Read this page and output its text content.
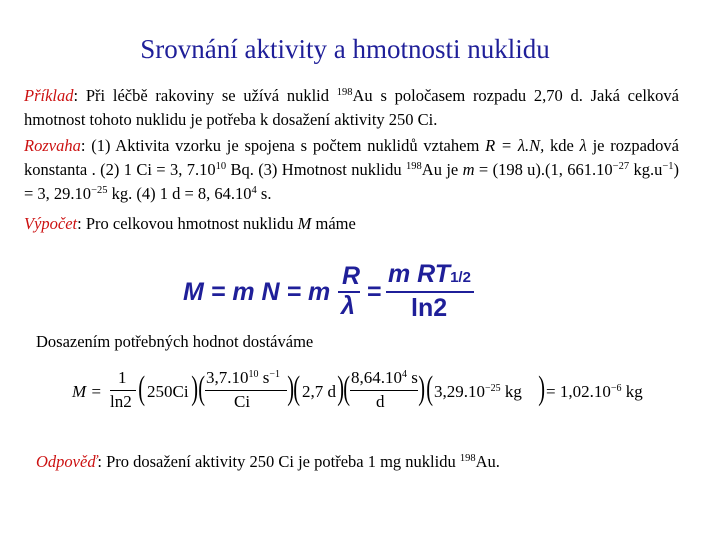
Srovnání aktivity a hmotnosti nuklidu
Příklad: Při léčbě rakoviny se užívá nuklid $^{198}$Au s poločasem rozpadu 2,70 d. Jaká celková hmotnost tohoto nuklidu je potřeba k dosažení aktivity 250 Ci.
Rozvaha: (1) Aktivita vzorku je spojena s počtem nuklidů vztahem R = λ.N, kde λ je rozpadová konstanta . (2) 1 Ci = 3, 7.10$^{10}$ Bq. (3) Hmotnost nuklidu $^{198}$Au je m = (198 u).(1, $661.10^{-27}$ $kg.u^{-1}) = 3$, $29.10^{-25}$ kg. (4) 1 d = 8, 64.10$^4$ s.
Výpočet: Pro celkovou hmotnost nuklidu M máme
M = m N = m
R
λ =
m RT1/2
ln2
Dosazením potřebných hodnot dostáváme
M =
1
ln2 ( 250Ci ) ( 3,7.10$^{10}$ $s^{-1}$
Ci ) ( 2,7 d ) ( 8,64.10$^4$ s
d ) ( $3,29.10^{-25}$ kg ) = $1,02.10^{-6}$ kg
Odpověď: Pro dosažení aktivity 250 Ci je potřeba 1 mg nuklidu $^{198}$Au.
